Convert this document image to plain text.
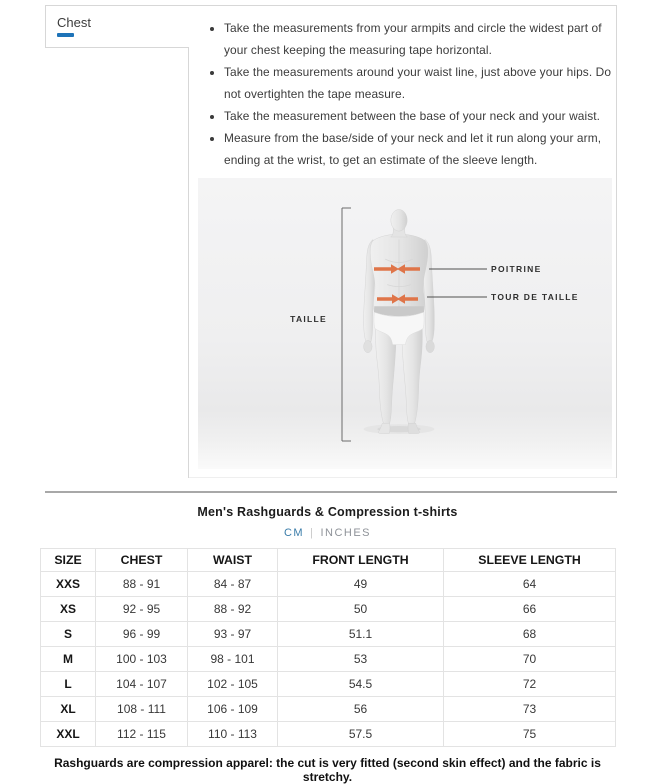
Chest	• Take the measurements from your armpits and circle the widest part of your chest keeping the measuring tape horizontal.
• Take the measurements around your waist line, just above your hips. Do not overtighten the tape measure.
• Take the measurement between the base of your neck and your waist.
• Measure from the base/side of your neck and let it run along your arm, ending at the wrist, to get an estimate of the sleeve length.
TAILLE
POITRINE
TOUR DE TAILLE
Men's Rashguards & Compression t-shirts
CM | INCHES
SIZE	CHEST	WAIST	FRONT LENGTH	SLEEVE LENGTH
XXS	88 - 91	84 - 87	49	64
XS	92 - 95	88 - 92	50	66
S	96 - 99	93 - 97	51.1	68
M	100 - 103	98 - 101	53	70
L	104 - 107	102 - 105	54.5	72
XL	108 - 111	106 - 109	56	73
XXL	112 - 115	110 - 113	57.5	75
Rashguards are compression apparel: the cut is very fitted (second skin effect) and the fabric is stretchy.
